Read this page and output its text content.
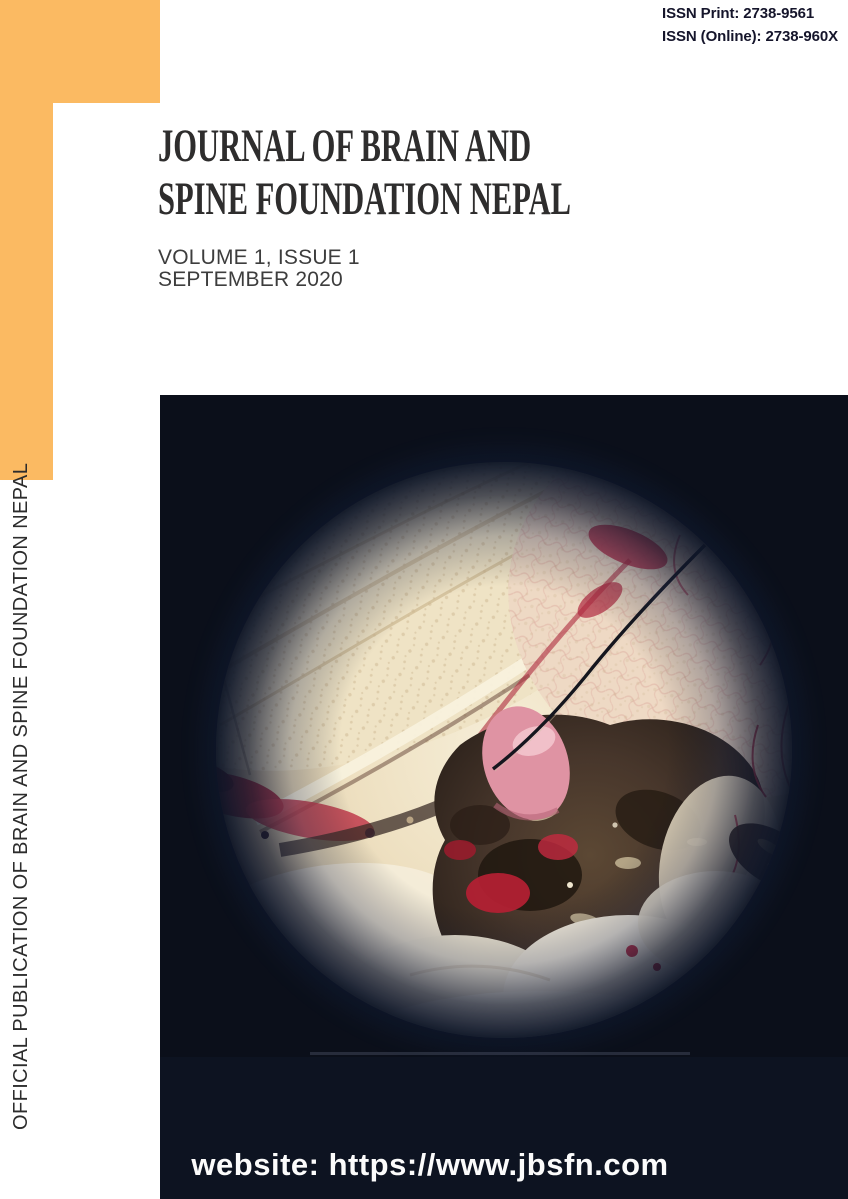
ISSN Print: 2738-9561
ISSN (Online): 2738-960X
JOURNAL OF BRAIN AND
SPINE FOUNDATION NEPAL
VOLUME 1, ISSUE 1
SEPTEMBER 2020
OFFICIAL PUBLICATION OF BRAIN AND SPINE FOUNDATION NEPAL
website: https://www.jbsfn.com
